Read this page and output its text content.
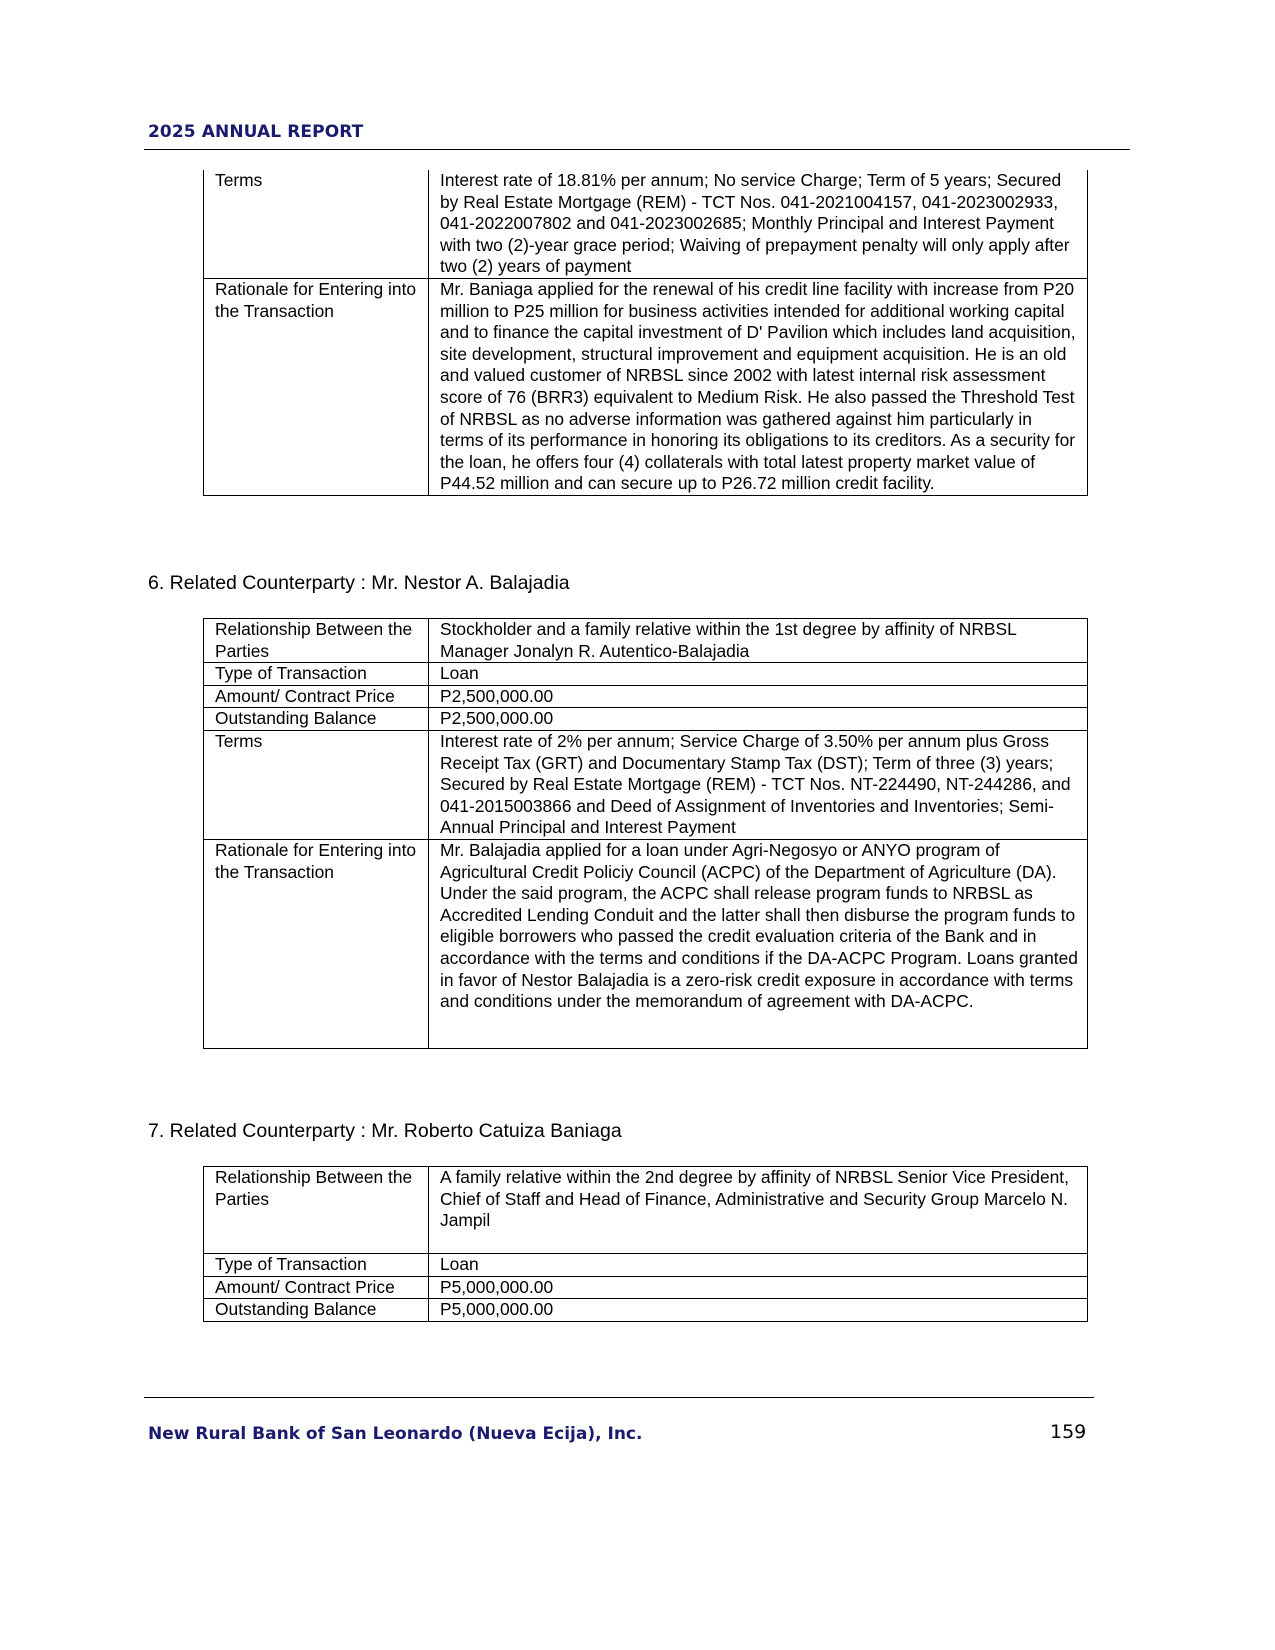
2025 ANNUAL REPORT
Terms	Interest rate of 18.81% per annum; No service Charge; Term of 5 years; Secured by Real Estate Mortgage (REM) - TCT Nos. 041-2021004157, 041-2023002933, 041-2022007802 and 041-2023002685; Monthly Principal and Interest Payment with two (2)-year grace period; Waiving of prepayment penalty will only apply after two (2) years of payment
Rationale for Entering into the Transaction	Mr. Baniaga applied for the renewal of his credit line facility with increase from P20 million to P25 million for business activities intended for additional working capital and to finance the capital investment of D' Pavilion which includes land acquisition, site development, structural improvement and equipment acquisition. He is an old and valued customer of NRBSL since 2002 with latest internal risk assessment score of 76 (BRR3) equivalent to Medium Risk. He also passed the Threshold Test of NRBSL as no adverse information was gathered against him particularly in terms of its performance in honoring its obligations to its creditors. As a security for the loan, he offers four (4) collaterals with total latest property market value of P44.52 million and can secure up to P26.72 million credit facility.
6. Related Counterparty : Mr. Nestor A. Balajadia
Relationship Between the Parties	Stockholder and a family relative within the 1st degree by affinity of NRBSL Manager Jonalyn R. Autentico-Balajadia
Type of Transaction	Loan
Amount/ Contract Price	P2,500,000.00
Outstanding Balance	P2,500,000.00
Terms	Interest rate of 2% per annum; Service Charge of 3.50% per annum plus Gross Receipt Tax (GRT) and Documentary Stamp Tax (DST); Term of three (3) years; Secured by Real Estate Mortgage (REM) - TCT Nos. NT-224490, NT-244286, and 041-2015003866 and Deed of Assignment of Inventories and Inventories; Semi-Annual Principal and Interest Payment
Rationale for Entering into the Transaction	Mr. Balajadia applied for a loan under Agri-Negosyo or ANYO program of Agricultural Credit Policiy Council (ACPC) of the Department of Agriculture (DA). Under the said program, the ACPC shall release program funds to NRBSL as Accredited Lending Conduit and the latter shall then disburse the program funds to eligible borrowers who passed the credit evaluation criteria of the Bank and in accordance with the terms and conditions if the DA-ACPC Program. Loans granted in favor of Nestor Balajadia is a zero-risk credit exposure in accordance with terms and conditions under the memorandum of agreement with DA-ACPC.
7. Related Counterparty : Mr. Roberto Catuiza Baniaga
Relationship Between the Parties	A family relative within the 2nd degree by affinity of NRBSL Senior Vice President, Chief of Staff and Head of Finance, Administrative and Security Group Marcelo N. Jampil
Type of Transaction	Loan
Amount/ Contract Price	P5,000,000.00
Outstanding Balance	P5,000,000.00
New Rural Bank of San Leonardo (Nueva Ecija), Inc.	159
